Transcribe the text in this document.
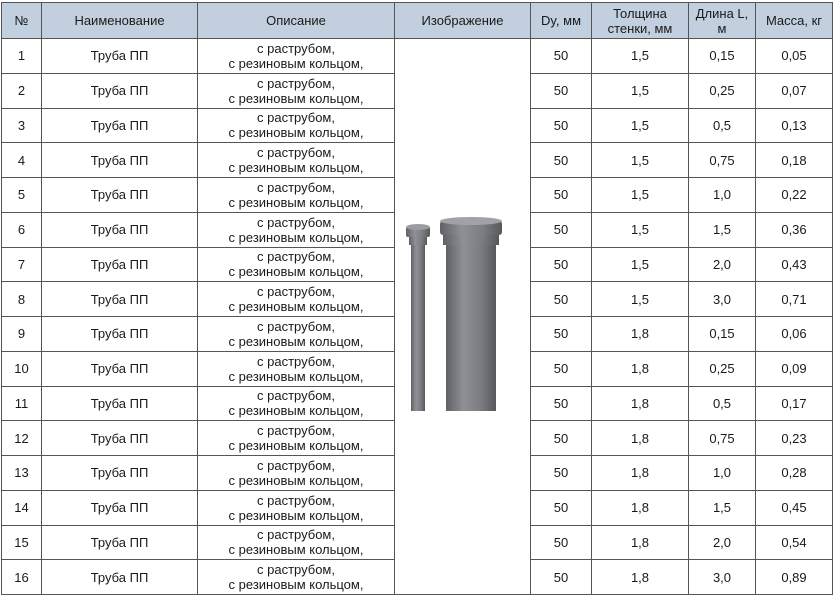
№	Наименование	Описание	Изображение	Dy, мм	Толщина
стенки, мм	Длина L,
м	Масса, кг
1	Труба ПП	с раструбом,
с резиновым кольцом,		50	1,5	0,15	0,05
2	Труба ПП	с раструбом,
с резиновым кольцом,		50	1,5	0,25	0,07
3	Труба ПП	с раструбом,
с резиновым кольцом,		50	1,5	0,5	0,13
4	Труба ПП	с раструбом,
с резиновым кольцом,		50	1,5	0,75	0,18
5	Труба ПП	с раструбом,
с резиновым кольцом,		50	1,5	1,0	0,22
6	Труба ПП	с раструбом,
с резиновым кольцом,		50	1,5	1,5	0,36
7	Труба ПП	с раструбом,
с резиновым кольцом,		50	1,5	2,0	0,43
8	Труба ПП	с раструбом,
с резиновым кольцом,		50	1,5	3,0	0,71
9	Труба ПП	с раструбом,
с резиновым кольцом,		50	1,8	0,15	0,06
10	Труба ПП	с раструбом,
с резиновым кольцом,		50	1,8	0,25	0,09
11	Труба ПП	с раструбом,
с резиновым кольцом,		50	1,8	0,5	0,17
12	Труба ПП	с раструбом,
с резиновым кольцом,		50	1,8	0,75	0,23
13	Труба ПП	с раструбом,
с резиновым кольцом,		50	1,8	1,0	0,28
14	Труба ПП	с раструбом,
с резиновым кольцом,		50	1,8	1,5	0,45
15	Труба ПП	с раструбом,
с резиновым кольцом,		50	1,8	2,0	0,54
16	Труба ПП	с раструбом,
с резиновым кольцом,		50	1,8	3,0	0,89
